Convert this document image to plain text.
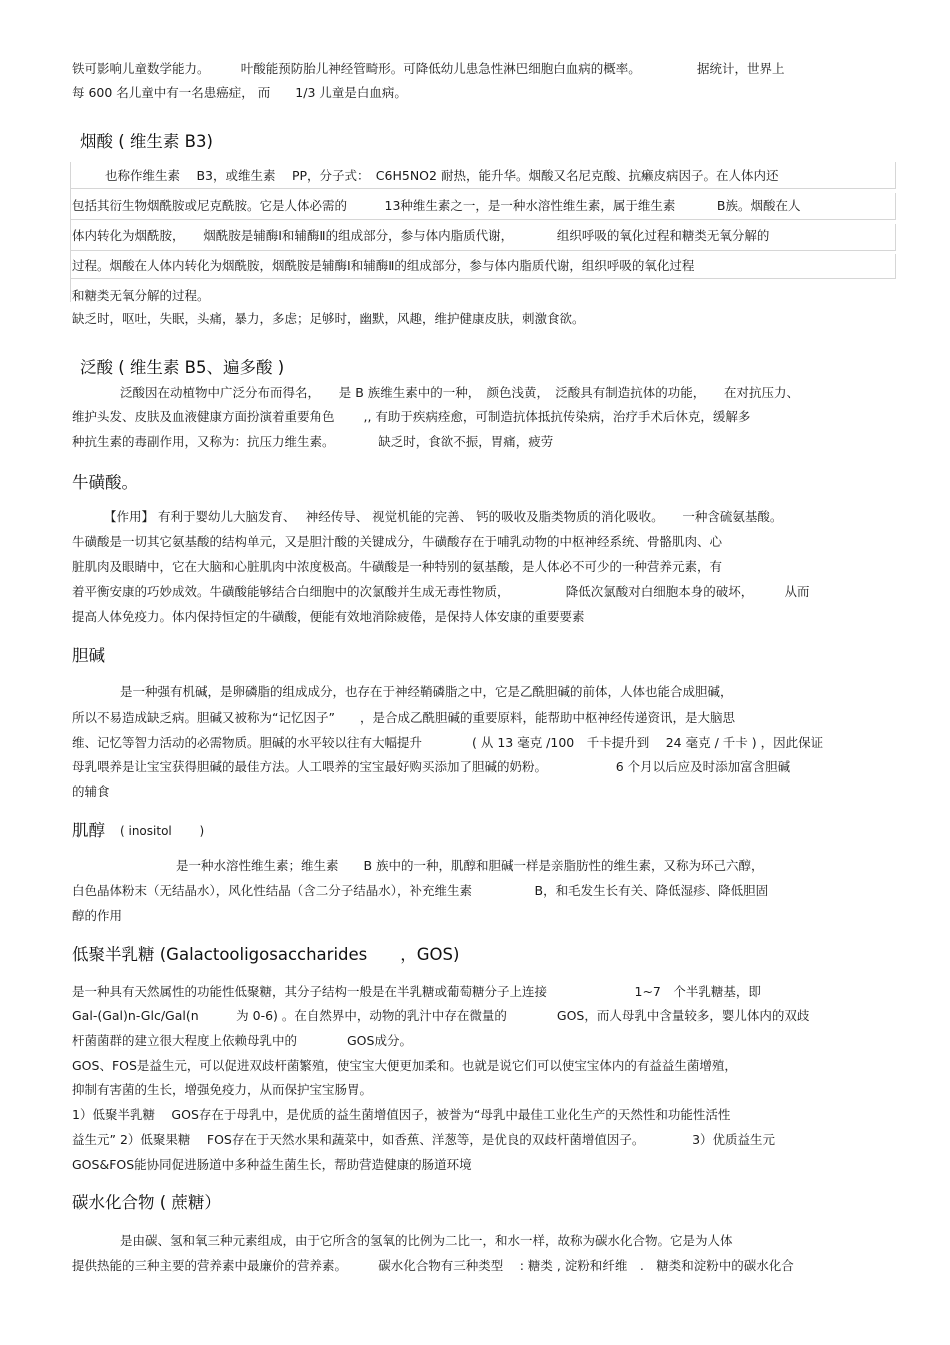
铁可影响儿童数学能力。　　　叶酸能预防胎儿神经管畸形。可降低幼儿患急性淋巴细胞白血病的概率。　　　　　据统计，世界上
每 600 名儿童中有一名患癌症， 而　　1/3 儿童是白血病。
烟酸 ( 维生素 B3)
也称作维生素　 B3，或维生素　 PP，分子式：　C6H5NO2 耐热，能升华。烟酸又名尼克酸、抗癞皮病因子。在人体内还
包括其衍生物烟酰胺或尼克酰胺。它是人体必需的　　　13种维生素之一，是一种水溶性维生素，属于维生素　　　 B族。烟酸在人
体内转化为烟酰胺，　　烟酰胺是辅酶Ⅰ和辅酶Ⅱ的组成部分，参与体内脂质代谢，　　　　组织呼吸的氧化过程和糖类无氧分解的
过程。烟酸在人体内转化为烟酰胺，烟酰胺是辅酶Ⅰ和辅酶Ⅱ的组成部分，参与体内脂质代谢，组织呼吸的氧化过程
和糖类无氧分解的过程。
缺乏时，呕吐，失眠，头痛，暴力，多虑；足够时，幽默，风趣，维护健康皮肤，刺激食欲。
泛酸 ( 维生素 B5、遍多酸 )
泛酸因在动植物中广泛分布而得名，　　是 B 族维生素中的一种，　颜色浅黄，　泛酸具有制造抗体的功能，　　在对抗压力、
维护头发、皮肤及血液健康方面扮演着重要角色　　 ,, 有助于疾病痊愈，可制造抗体抵抗传染病，治疗手术后休克，缓解多
种抗生素的毒副作用，又称为：抗压力维生素。　　　　缺乏时，食欲不振，胃痛，疲劳
牛磺酸。
【作用】 有利于婴幼儿大脑发育、　 神经传导、 视觉机能的完善、 钙的吸收及脂类物质的消化吸收。　　一种含硫氨基酸。
牛磺酸是一切其它氨基酸的结构单元，又是胆汁酸的关键成分，牛磺酸存在于哺乳动物的中枢神经系统、骨骼肌肉、心
脏肌肉及眼睛中，它在大脑和心脏肌肉中浓度极高。牛磺酸是一种特别的氨基酸，是人体必不可少的一种营养元素，有
着平衡安康的巧妙成效。牛磺酸能够结合白细胞中的次氯酸并生成无毒性物质，　　　　　降低次氯酸对白细胞本身的破坏，　　　从而
提高人体免疫力。体内保持恒定的牛磺酸，便能有效地消除疲倦，是保持人体安康的重要要素
胆碱
是一种强有机碱，是卵磷脂的组成成分，也存在于神经鞘磷脂之中，它是乙酰胆碱的前体，人体也能合成胆碱，
所以不易造成缺乏病。胆碱又被称为“记忆因子”　　，是合成乙酰胆碱的重要原料，能帮助中枢神经传递资讯，是大脑思
维、记忆等智力活动的必需物质。胆碱的水平较以往有大幅提升　　　　( 从 13 毫克 /100　千卡提升到　 24 毫克 / 千卡 ) ，因此保证
母乳喂养是让宝宝获得胆碱的最佳方法。人工喂养的宝宝最好购买添加了胆碱的奶粉。　　　　　　6 个月以后应及时添加富含胆碱
的辅食
肌醇 ( inositol　　 )
是一种水溶性维生素；维生素　　B 族中的一种，肌醇和胆碱一样是亲脂肪性的维生素，又称为环己六醇，
白色晶体粉末（无结晶水），风化性结晶（含二分子结晶水），补充维生素　　　　　B，和毛发生长有关、降低湿疹、降低胆固
醇的作用
低聚半乳糖 (Galactooligosaccharides　　，GOS)
是一种具有天然属性的功能性低聚糖，其分子结构一般是在半乳糖或葡萄糖分子上连接　　　　　　　1~7　个半乳糖基，即
Gal-(Gal)n-Glc/Gal(n　　　为 0-6) 。在自然界中，动物的乳汁中存在微量的　　　　GOS，而人母乳中含量较多，婴儿体内的双歧
杆菌菌群的建立很大程度上依赖母乳中的　　　　GOS成分。
GOS、FOS是益生元，可以促进双歧杆菌繁殖，使宝宝大便更加柔和。也就是说它们可以使宝宝体内的有益益生菌增殖，
抑制有害菌的生长，增强免疫力，从而保护宝宝肠胃。
1）低聚半乳糖　 GOS存在于母乳中，是优质的益生菌增值因子，被誉为“母乳中最佳工业化生产的天然性和功能性活性
益生元” 2）低聚果糖　 FOS存在于天然水果和蔬菜中，如香蕉、洋葱等，是优良的双歧杆菌增值因子。　　　　 3）优质益生元
GOS&FOS能协同促进肠道中多种益生菌生长，帮助营造健康的肠道环境
碳水化合物 ( 蔗糖）
是由碳、氢和氧三种元素组成，由于它所含的氢氧的比例为二比一，和水一样，故称为碳水化合物。它是为人体
提供热能的三种主要的营养素中最廉价的营养素。　　　碳水化合物有三种类型　 : 糖类 , 淀粉和纤维　.　糖类和淀粉中的碳水化合
